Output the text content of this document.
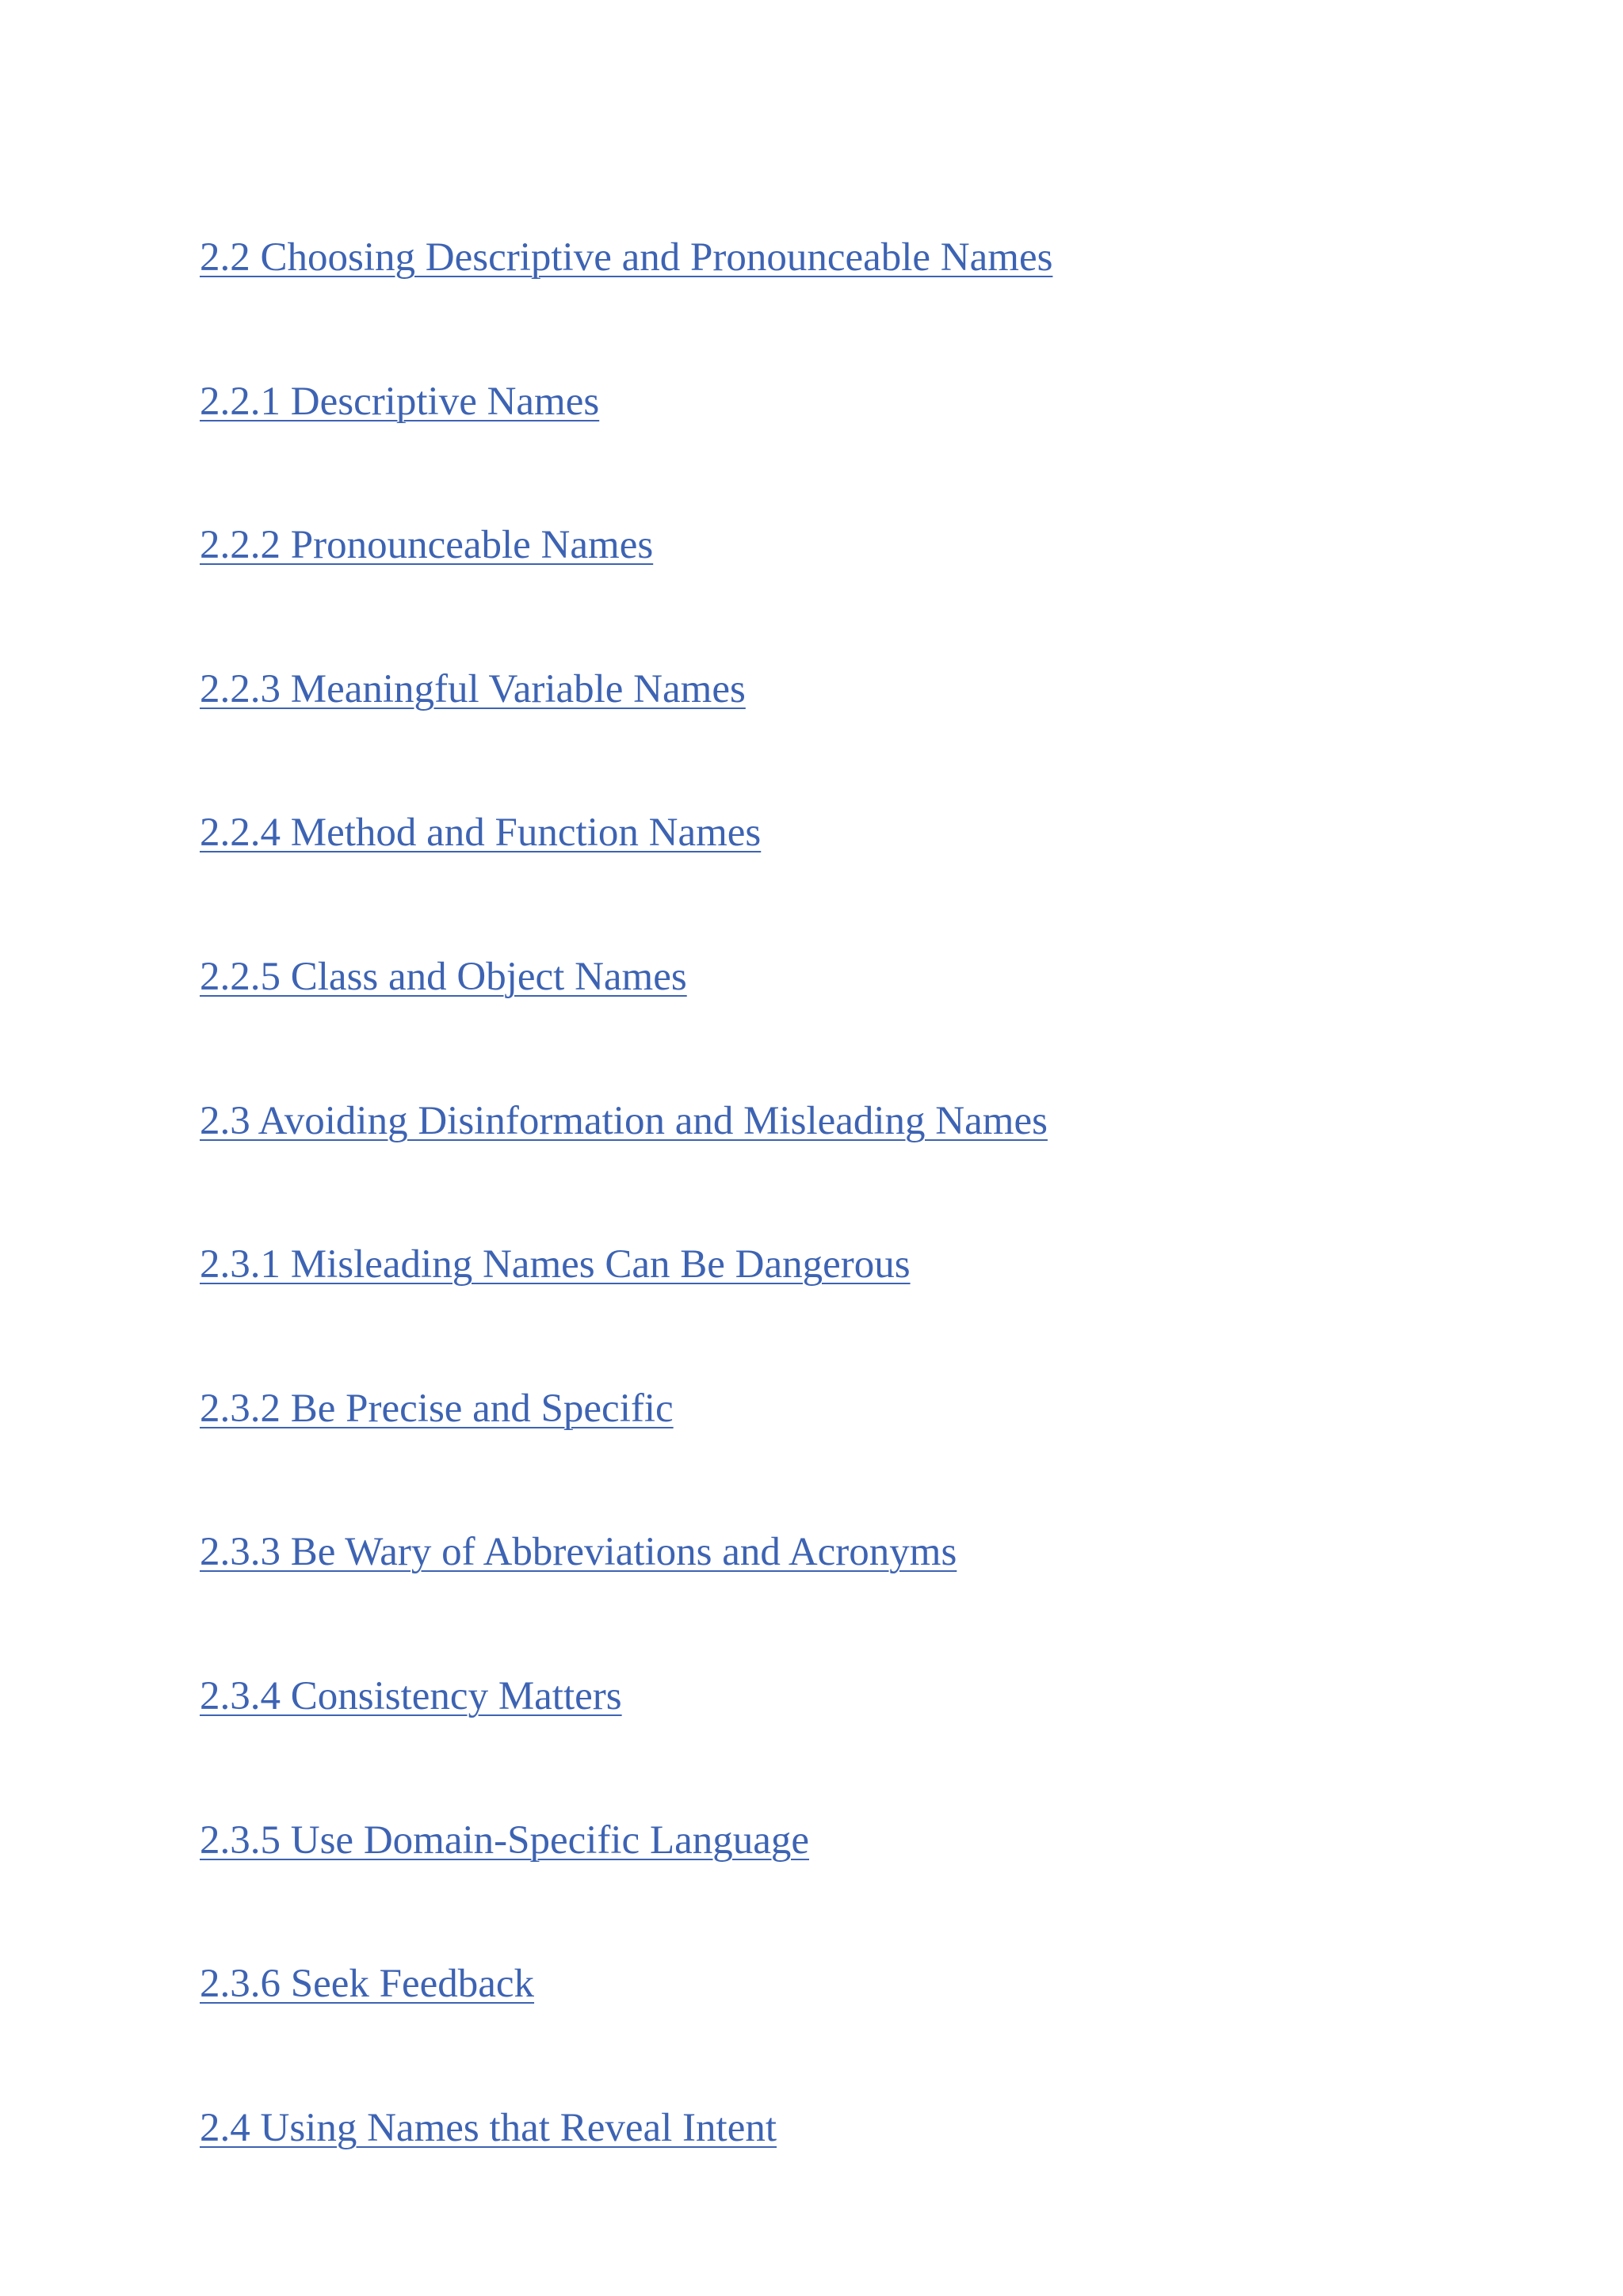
2.2 Choosing Descriptive and Pronounceable Names
2.2.1 Descriptive Names
2.2.2 Pronounceable Names
2.2.3 Meaningful Variable Names
2.2.4 Method and Function Names
2.2.5 Class and Object Names
2.3 Avoiding Disinformation and Misleading Names
2.3.1 Misleading Names Can Be Dangerous
2.3.2 Be Precise and Specific
2.3.3 Be Wary of Abbreviations and Acronyms
2.3.4 Consistency Matters
2.3.5 Use Domain-Specific Language
2.3.6 Seek Feedback
2.4 Using Names that Reveal Intent
